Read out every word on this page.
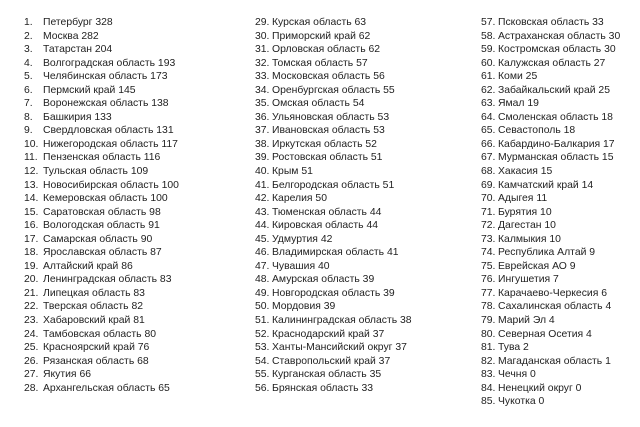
1. Петербург 328
2. Москва 282
3. Татарстан 204
4. Волгоградская область 193
5. Челябинская область 173
6. Пермский край 145
7. Воронежская область 138
8. Башкирия 133
9. Свердловская область 131
10. Нижегородская область 117
11. Пензенская область 116
12. Тульская область 109
13. Новосибирская область 100
14. Кемеровская область 100
15. Саратовская область 98
16. Вологодская область 91
17. Самарская область 90
18. Ярославская область 87
19. Алтайский край 86
20. Ленинградская область 83
21. Липецкая область 83
22. Тверская область 82
23. Хабаровский край 81
24. Тамбовская область 80
25. Красноярский край 76
26. Рязанская область 68
27. Якутия 66
28. Архангельская область 65
29. Курская область 63
30. Приморский край 62
31. Орловская область 62
32. Томская область 57
33. Московская область 56
34. Оренбургская область 55
35. Омская область 54
36. Ульяновская область 53
37. Ивановская область 53
38. Иркутская область 52
39. Ростовская область 51
40. Крым 51
41. Белгородская область 51
42. Карелия 50
43. Тюменская область 44
44. Кировская область 44
45. Удмуртия 42
46. Владимирская область 41
47. Чувашия 40
48. Амурская область 39
49. Новгородская область 39
50. Мордовия 39
51. Калининградская область 38
52. Краснодарский край 37
53. Ханты-Мансийский округ 37
54. Ставропольский край 37
55. Курганская область 35
56. Брянская область 33
57. Псковская область 33
58. Астраханская область 30
59. Костромская область 30
60. Калужская область 27
61. Коми 25
62. Забайкальский край 25
63. Ямал 19
64. Смоленская область 18
65. Севастополь 18
66. Кабардино-Балкария 17
67. Мурманская область 15
68. Хакасия 15
69. Камчатский край 14
70. Адыгея 11
71. Бурятия 10
72. Дагестан 10
73. Калмыкия 10
74. Республика Алтай 9
75. Еврейская АО 9
76. Ингушетия 7
77. Карачаево-Черкесия 6
78. Сахалинская область 4
79. Марий Эл 4
80. Северная Осетия 4
81. Тува 2
82. Магаданская область 1
83. Чечня 0
84. Ненецкий округ 0
85. Чукотка 0
